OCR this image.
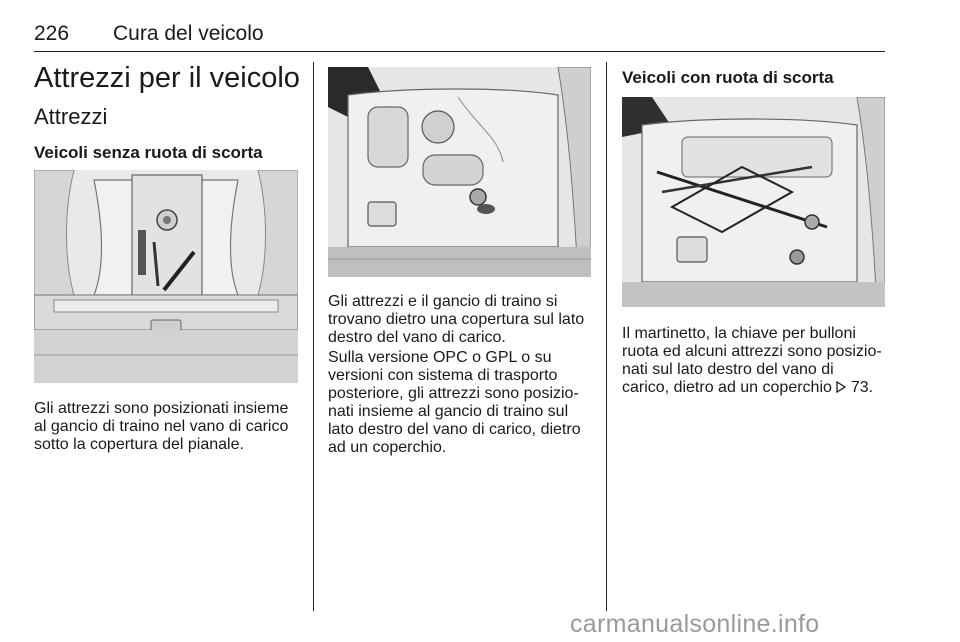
226 Cura del veicolo
Attrezzi per il veicolo
Attrezzi
Veicoli senza ruota di scorta

Gli attrezzi sono posizionati insieme al gancio di traino nel vano di carico sotto la copertura del pianale.

Gli attrezzi e il gancio di traino si trovano dietro una copertura sul lato destro del vano di carico.

Sulla versione OPC o GPL o su versioni con sistema di trasporto posteriore, gli attrezzi sono posizio-nati insieme al gancio di traino sul lato destro del vano di carico, dietro ad un coperchio.

Veicoli con ruota di scorta

Il martinetto, la chiave per bulloni ruota ed alcuni attrezzi sono posizio-nati sul lato destro del vano di carico, dietro ad un coperchio 73.

carmanualsonline.info
